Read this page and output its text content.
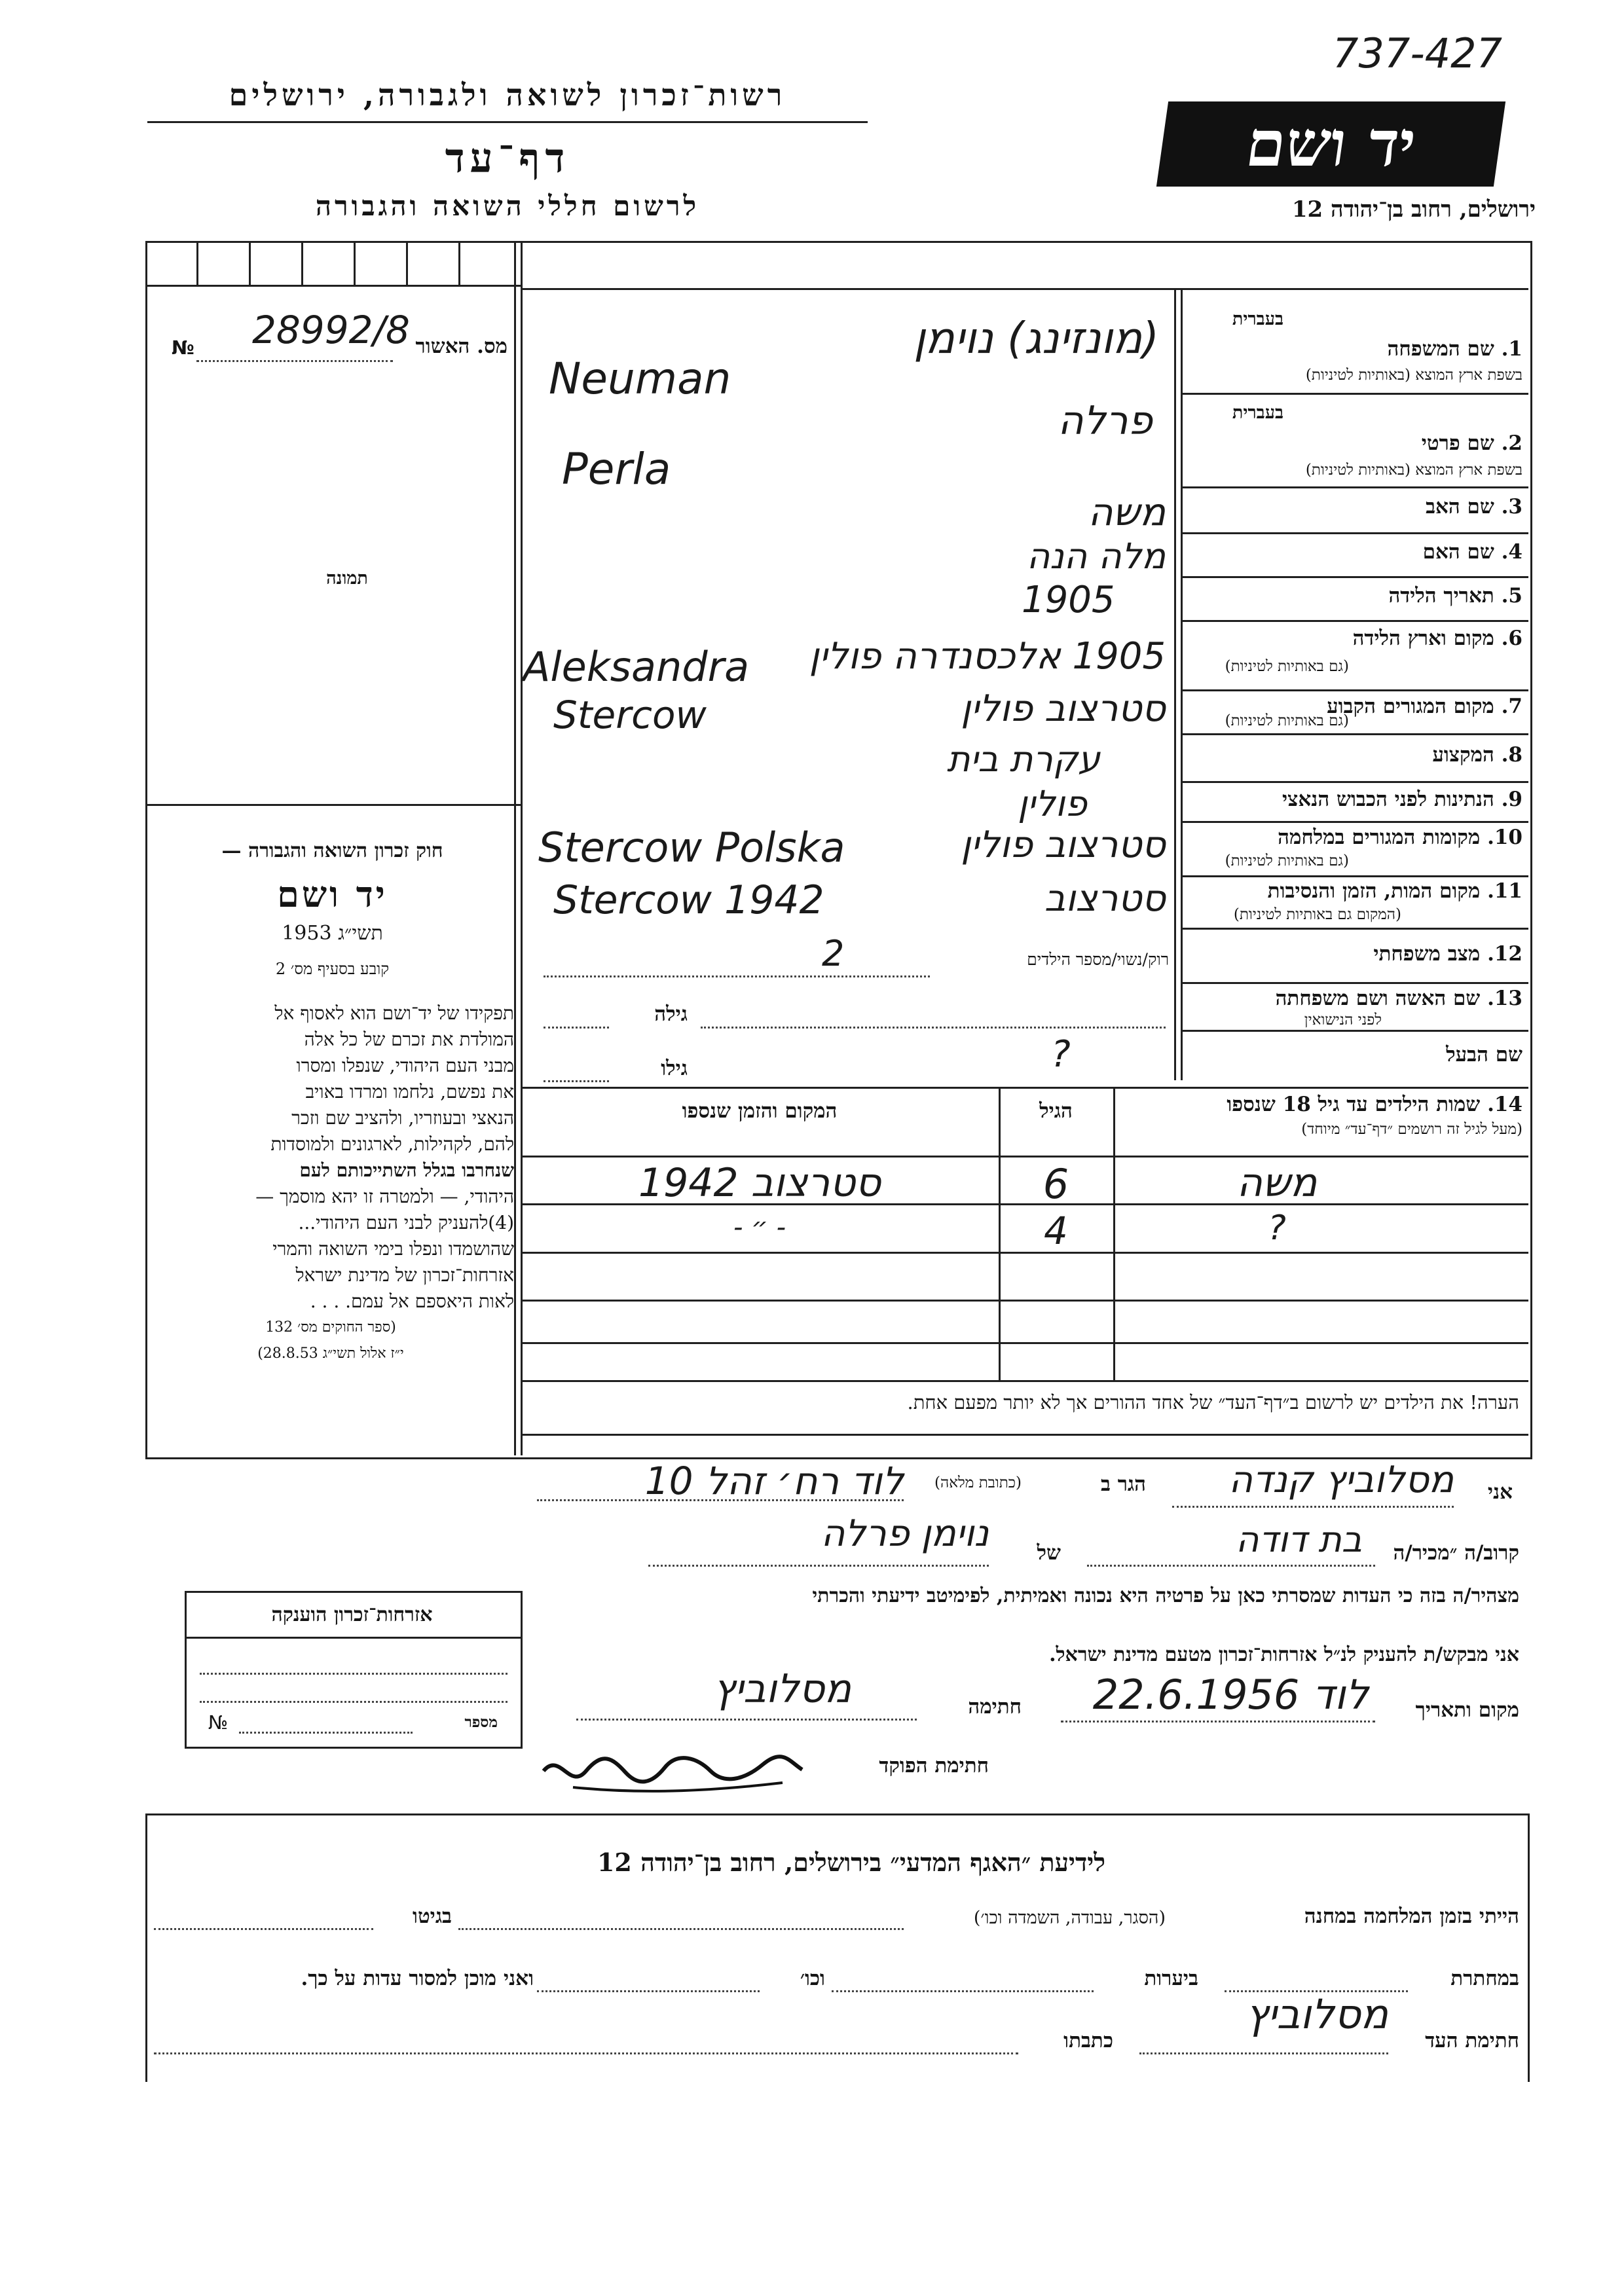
737-427
רשות־זכרון לשואה ולגבורה, ירושלים
דף־עד
לרשום חללי השואה והגבורה
יד ושם
ירושלים, רחוב בן־יהודה 12
מס. האשור
28992/8
№
תמונה
חוק זכרון השואה והגבורה —
יד ושם
תשי״ג 1953
קובע בסעיף מס׳ 2
תפקידו של יד־ושם הוא לאסוף אל
המולדת את זכרם של כל אלה
מבני העם היהודי, שנפלו ומסרו
את נפשם, נלחמו ומרדו באויב
הנאצי ובעוזריו, ולהציב שם וזכר
להם, לקהילות, לארגונים ולמוסדות
שנחרבו בגלל השתייכותם לעם
היהודי, — ולמטרה זו יהא מוסמך —
(4)להעניק לבני העם היהודי...
שהושמדו ונפלו בימי השואה והמרי
אזרחות־זכרון של מדינת ישראל
לאות היאספם אל עמם. . . .
(ספר החוקים מס׳ 132
י״ז אלול תשי״ג 28.8.53)
בעברית
1. שם המשפחה
בשפת ארץ המוצא (באותיות לטיניות)
(מונזינג) נוימן
Neuman
בעברית
2. שם פרטי
בשפת ארץ המוצא (באותיות לטיניות)
פרלה
Perla
3. שם האב
משה
4. שם האם
מלה הנה
5. תאריך הלידה
1905
6. מקום וארץ הלידה
(גם באותיות לטיניות)
1905 אלכסנדרה פולין
Aleksandra
7. מקום המגורים הקבוע
(גם באותיות לטיניות)
סטרצוב פולין
Stercow
8. המקצוע
עקרת בית
9. הנתינות לפני הכבוש הנאצי
פולין
10. מקומות המגורים במלחמה
(גם באותיות לטיניות)
סטרצוב פולין
Stercow Polska
11. מקום המות, הזמן והנסיבות
(המקום גם באותיות לטיניות)
סטרצוב
Stercow 1942
12. מצב משפחתי
רוק/נשוי/מספר הילדים
2
13. שם האשה ושם משפחתה
לפני הנישואין
גילה
שם הבעל
?
גילו
14. שמות הילדים עד גיל 18 שנספו
(מעל לגיל זה רושמים ״דף־עד״ מיוחד)
הגיל
המקום והזמן שנספו
משה
6
סטרצוב 1942
?
4
- ״ -
הערה! את הילדים יש לרשום ב״דף־העד״ של אחד ההורים אך לא יותר מפעם אחת.
אני
מסלוביץ קנדה
הגר ב
(כתובת מלאה)
לוד רח׳ זהל 10
קרוב/ה ״מכיר/ה
בת דודה
של
נוימן פרלה
מצהיר/ה בזה כי העדות שמסרתי כאן על פרטיה היא נכונה ואמיתית, לפימיטב ידיעתי והכרתי
אני מבקש/ת להעניק לנ״ל אזרחות־זכרון מטעם מדינת ישראל.
מקום ותאריך
לוד 22.6.1956
חתימה
מסלוביץ
חתימת הפוקד
אזרחות־זכרון הוענקה
מספר
№
לידיעת ״האגף המדעי״ בירושלים, רחוב בן־יהודה 12
הייתי בזמן המלחמה במחנה
(הסגר, עבודה, השמדה וכו׳)
בגיטו
במחתרת
ביערות
וכו׳
ואני מוכן למסור עדות על כך.
חתימת העד
מסלוביץ
כתבתו
